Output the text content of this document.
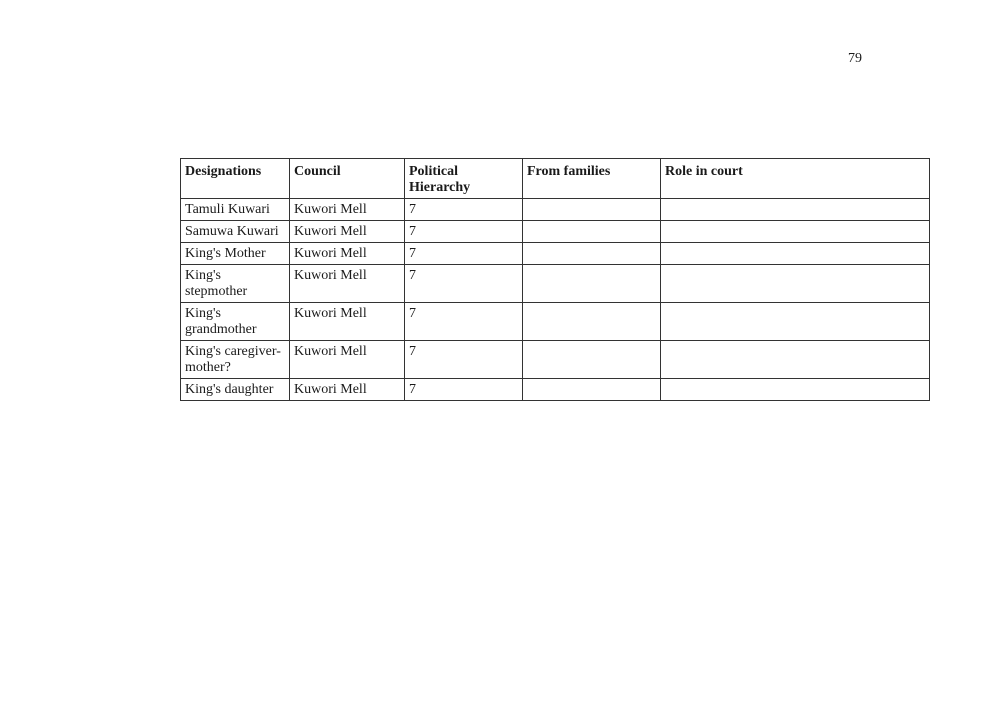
79
Designations	Council	Political Hierarchy	From families	Role in court
Tamuli Kuwari	Kuwori Mell	7		
Samuwa Kuwari	Kuwori Mell	7		
King's Mother	Kuwori Mell	7		
King's stepmother	Kuwori Mell	7		
King's grandmother	Kuwori Mell	7		
King's caregiver-mother?	Kuwori Mell	7		
King's daughter	Kuwori Mell	7		
